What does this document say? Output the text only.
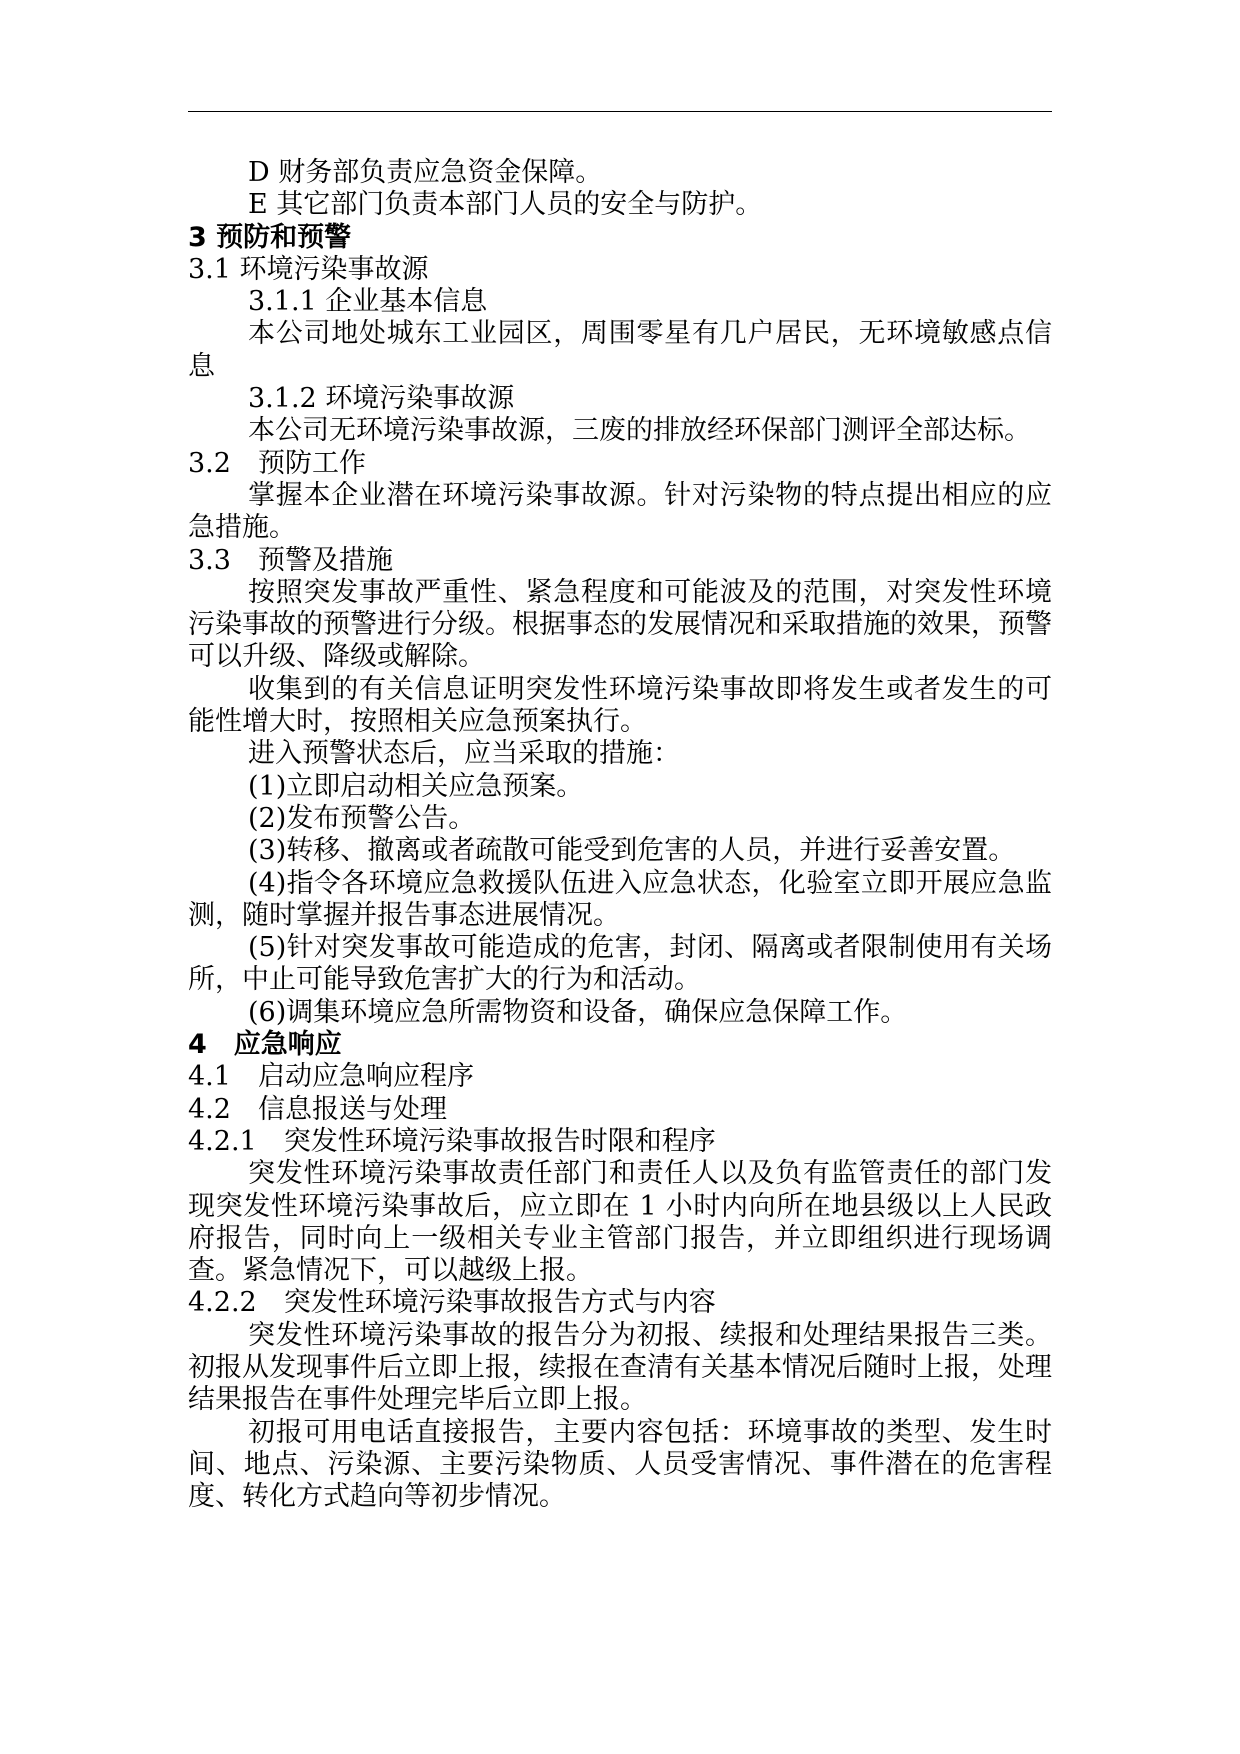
D 财务部负责应急资金保障。

E 其它部门负责本部门人员的安全与防护。

3 预防和预警

3.1 环境污染事故源

3.1.1 企业基本信息

本公司地处城东工业园区，周围零星有几户居民，无环境敏感点信息

3.1.2 环境污染事故源

本公司无环境污染事故源，三废的排放经环保部门测评全部达标。

3.2　预防工作

掌握本企业潜在环境污染事故源。针对污染物的特点提出相应的应急措施。

3.3　预警及措施

按照突发事故严重性、紧急程度和可能波及的范围，对突发性环境污染事故的预警进行分级。根据事态的发展情况和采取措施的效果，预警可以升级、降级或解除。

收集到的有关信息证明突发性环境污染事故即将发生或者发生的可能性增大时，按照相关应急预案执行。

进入预警状态后，应当采取的措施：

(1)立即启动相关应急预案。

(2)发布预警公告。

(3)转移、撤离或者疏散可能受到危害的人员，并进行妥善安置。

(4)指令各环境应急救援队伍进入应急状态，化验室立即开展应急监测，随时掌握并报告事态进展情况。

(5)针对突发事故可能造成的危害，封闭、隔离或者限制使用有关场所，中止可能导致危害扩大的行为和活动。

(6)调集环境应急所需物资和设备，确保应急保障工作。

4　应急响应

4.1　启动应急响应程序

4.2　信息报送与处理

4.2.1　突发性环境污染事故报告时限和程序

突发性环境污染事故责任部门和责任人以及负有监管责任的部门发现突发性环境污染事故后，应立即在 1 小时内向所在地县级以上人民政府报告，同时向上一级相关专业主管部门报告，并立即组织进行现场调查。紧急情况下，可以越级上报。

4.2.2　突发性环境污染事故报告方式与内容

突发性环境污染事故的报告分为初报、续报和处理结果报告三类。初报从发现事件后立即上报，续报在查清有关基本情况后随时上报，处理结果报告在事件处理完毕后立即上报。

初报可用电话直接报告，主要内容包括：环境事故的类型、发生时间、地点、污染源、主要污染物质、人员受害情况、事件潜在的危害程度、转化方式趋向等初步情况。
